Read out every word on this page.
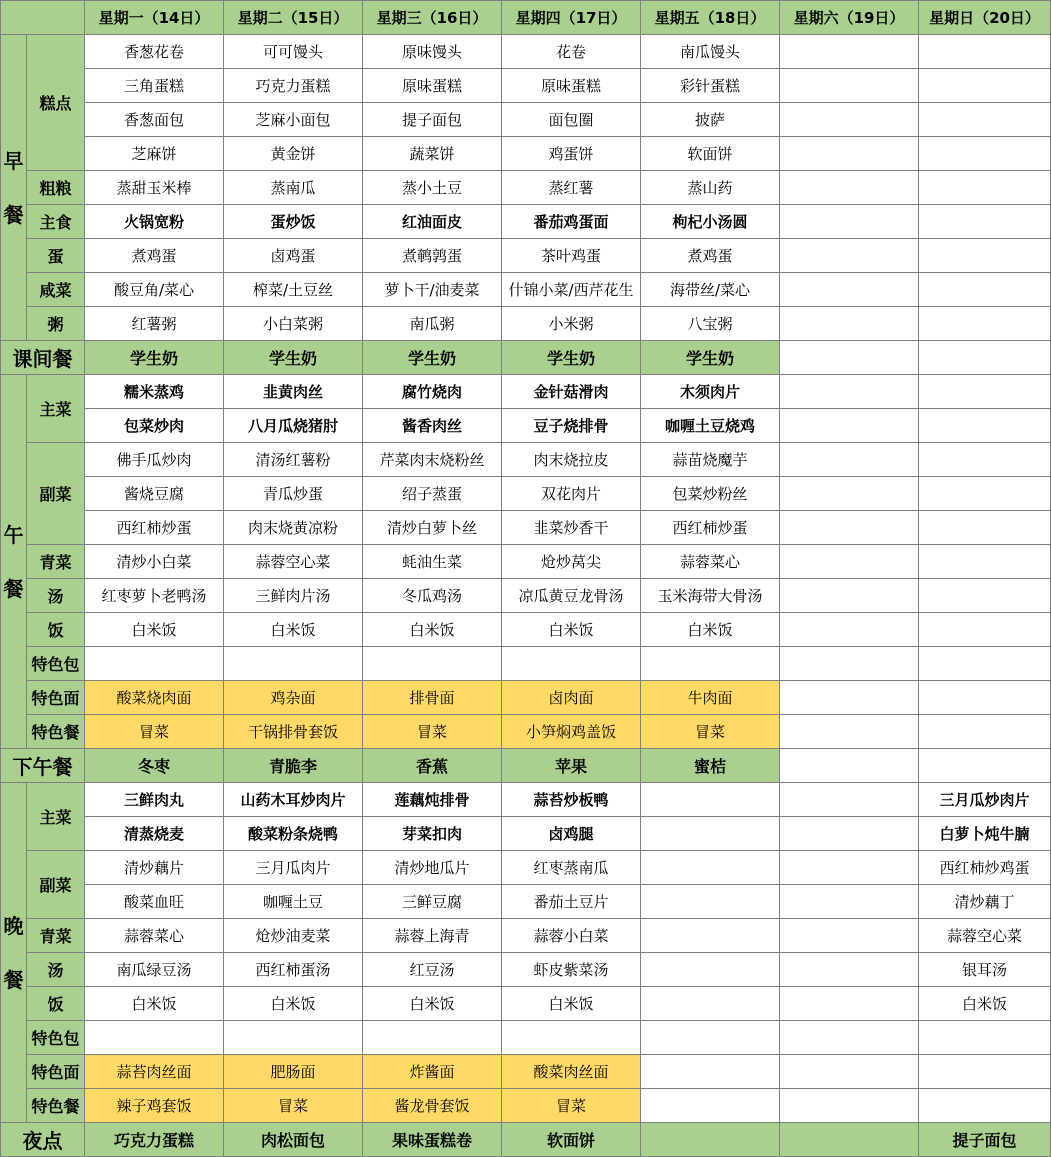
		星期一（14日）	星期二（15日）	星期三（16日）	星期四（17日）	星期五（18日）	星期六（19日）	星期日（20日）

早
餐	糕点	香葱花卷	可可馒头	原味馒头	花卷	南瓜馒头		
		三角蛋糕	巧克力蛋糕	原味蛋糕	原味蛋糕	彩针蛋糕		
		香葱面包	芝麻小面包	提子面包	面包圈	披萨		
		芝麻饼	黄金饼	蔬菜饼	鸡蛋饼	软面饼		
	粗粮	蒸甜玉米棒	蒸南瓜	蒸小土豆	蒸红薯	蒸山药		
	主食	火锅宽粉	蛋炒饭	红油面皮	番茄鸡蛋面	枸杞小汤圆		
	蛋	煮鸡蛋	卤鸡蛋	煮鹌鹑蛋	茶叶鸡蛋	煮鸡蛋		
	咸菜	酸豆角/菜心	榨菜/土豆丝	萝卜干/油麦菜	什锦小菜/西芹花生	海带丝/菜心		
	粥	红薯粥	小白菜粥	南瓜粥	小米粥	八宝粥		
课间餐		学生奶	学生奶	学生奶	学生奶	学生奶		

午
餐	主菜	糯米蒸鸡	韭黄肉丝	腐竹烧肉	金针菇滑肉	木须肉片		
		包菜炒肉	八月瓜烧猪肘	酱香肉丝	豆子烧排骨	咖喱土豆烧鸡		
	副菜	佛手瓜炒肉	清汤红薯粉	芹菜肉末烧粉丝	肉末烧拉皮	蒜苗烧魔芋		
		酱烧豆腐	青瓜炒蛋	绍子蒸蛋	双花肉片	包菜炒粉丝		
		西红柿炒蛋	肉末烧黄凉粉	清炒白萝卜丝	韭菜炒香干	西红柿炒蛋		
	青菜	清炒小白菜	蒜蓉空心菜	蚝油生菜	炝炒莴尖	蒜蓉菜心		
	汤	红枣萝卜老鸭汤	三鲜肉片汤	冬瓜鸡汤	凉瓜黄豆龙骨汤	玉米海带大骨汤		
	饭	白米饭	白米饭	白米饭	白米饭	白米饭		
	特色包							
	特色面	酸菜烧肉面	鸡杂面	排骨面	卤肉面	牛肉面		
	特色餐	冒菜	干锅排骨套饭	冒菜	小笋焖鸡盖饭	冒菜		
下午餐		冬枣	青脆李	香蕉	苹果	蜜桔		

晚
餐	主菜	三鲜肉丸	山药木耳炒肉片	莲藕炖排骨	蒜苔炒板鸭			三月瓜炒肉片
		清蒸烧麦	酸菜粉条烧鸭	芽菜扣肉	卤鸡腿			白萝卜炖牛腩
	副菜	清炒藕片	三月瓜肉片	清炒地瓜片	红枣蒸南瓜			西红柿炒鸡蛋
		酸菜血旺	咖喱土豆	三鲜豆腐	番茄土豆片			清炒藕丁
	青菜	蒜蓉菜心	炝炒油麦菜	蒜蓉上海青	蒜蓉小白菜			蒜蓉空心菜
	汤	南瓜绿豆汤	西红柿蛋汤	红豆汤	虾皮紫菜汤			银耳汤
	饭	白米饭	白米饭	白米饭	白米饭			白米饭
	特色包							
	特色面	蒜苔肉丝面	肥肠面	炸酱面	酸菜肉丝面			
	特色餐	辣子鸡套饭	冒菜	酱龙骨套饭	冒菜			
夜点		巧克力蛋糕	肉松面包	果味蛋糕卷	软面饼			提子面包
